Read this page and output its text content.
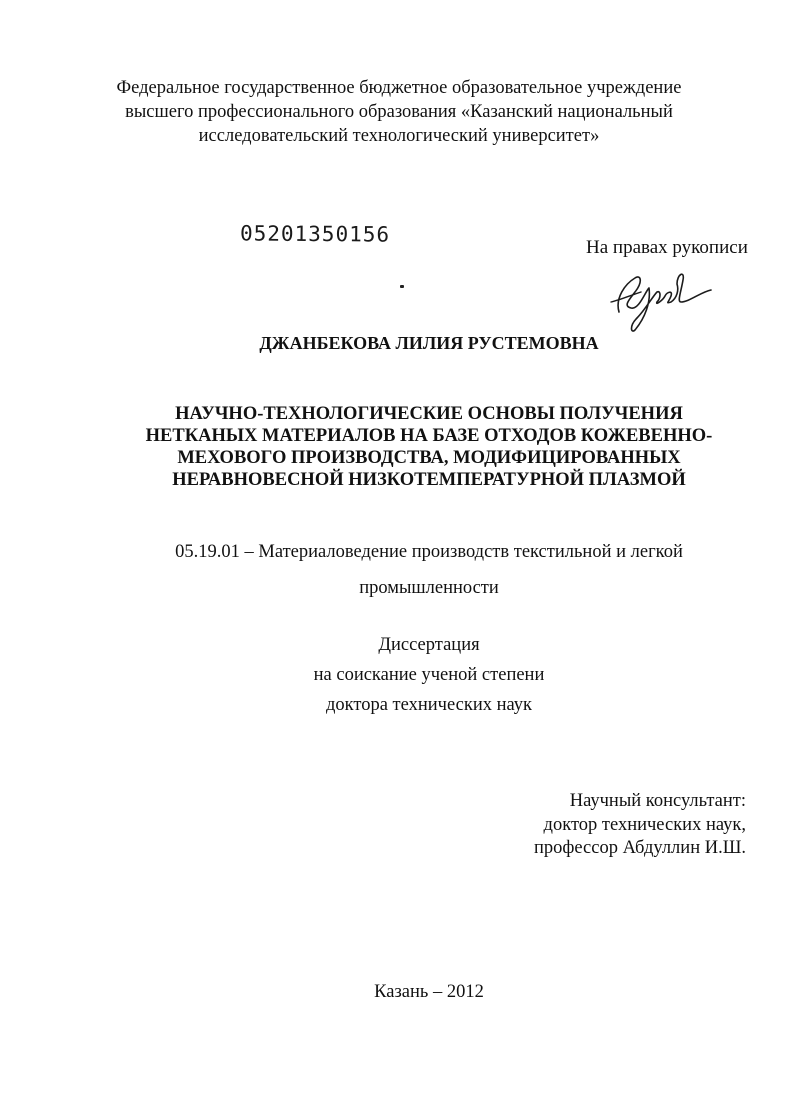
Федеральное государственное бюджетное образовательное учреждение
высшего профессионального образования «Казанский национальный
исследовательский технологический университет»
05201350156
На правах рукописи
ДЖАНБЕКОВА ЛИЛИЯ РУСТЕМОВНА
НАУЧНО-ТЕХНОЛОГИЧЕСКИЕ ОСНОВЫ ПОЛУЧЕНИЯ
НЕТКАНЫХ МАТЕРИАЛОВ НА БАЗЕ ОТХОДОВ КОЖЕВЕННО-
МЕХОВОГО ПРОИЗВОДСТВА, МОДИФИЦИРОВАННЫХ
НЕРАВНОВЕСНОЙ НИЗКОТЕМПЕРАТУРНОЙ ПЛАЗМОЙ
05.19.01 – Материаловедение производств текстильной и легкой
промышленности
Диссертация
на соискание ученой степени
доктора технических наук
Научный консультант:
доктор технических наук,
профессор Абдуллин И.Ш.
Казань – 2012
